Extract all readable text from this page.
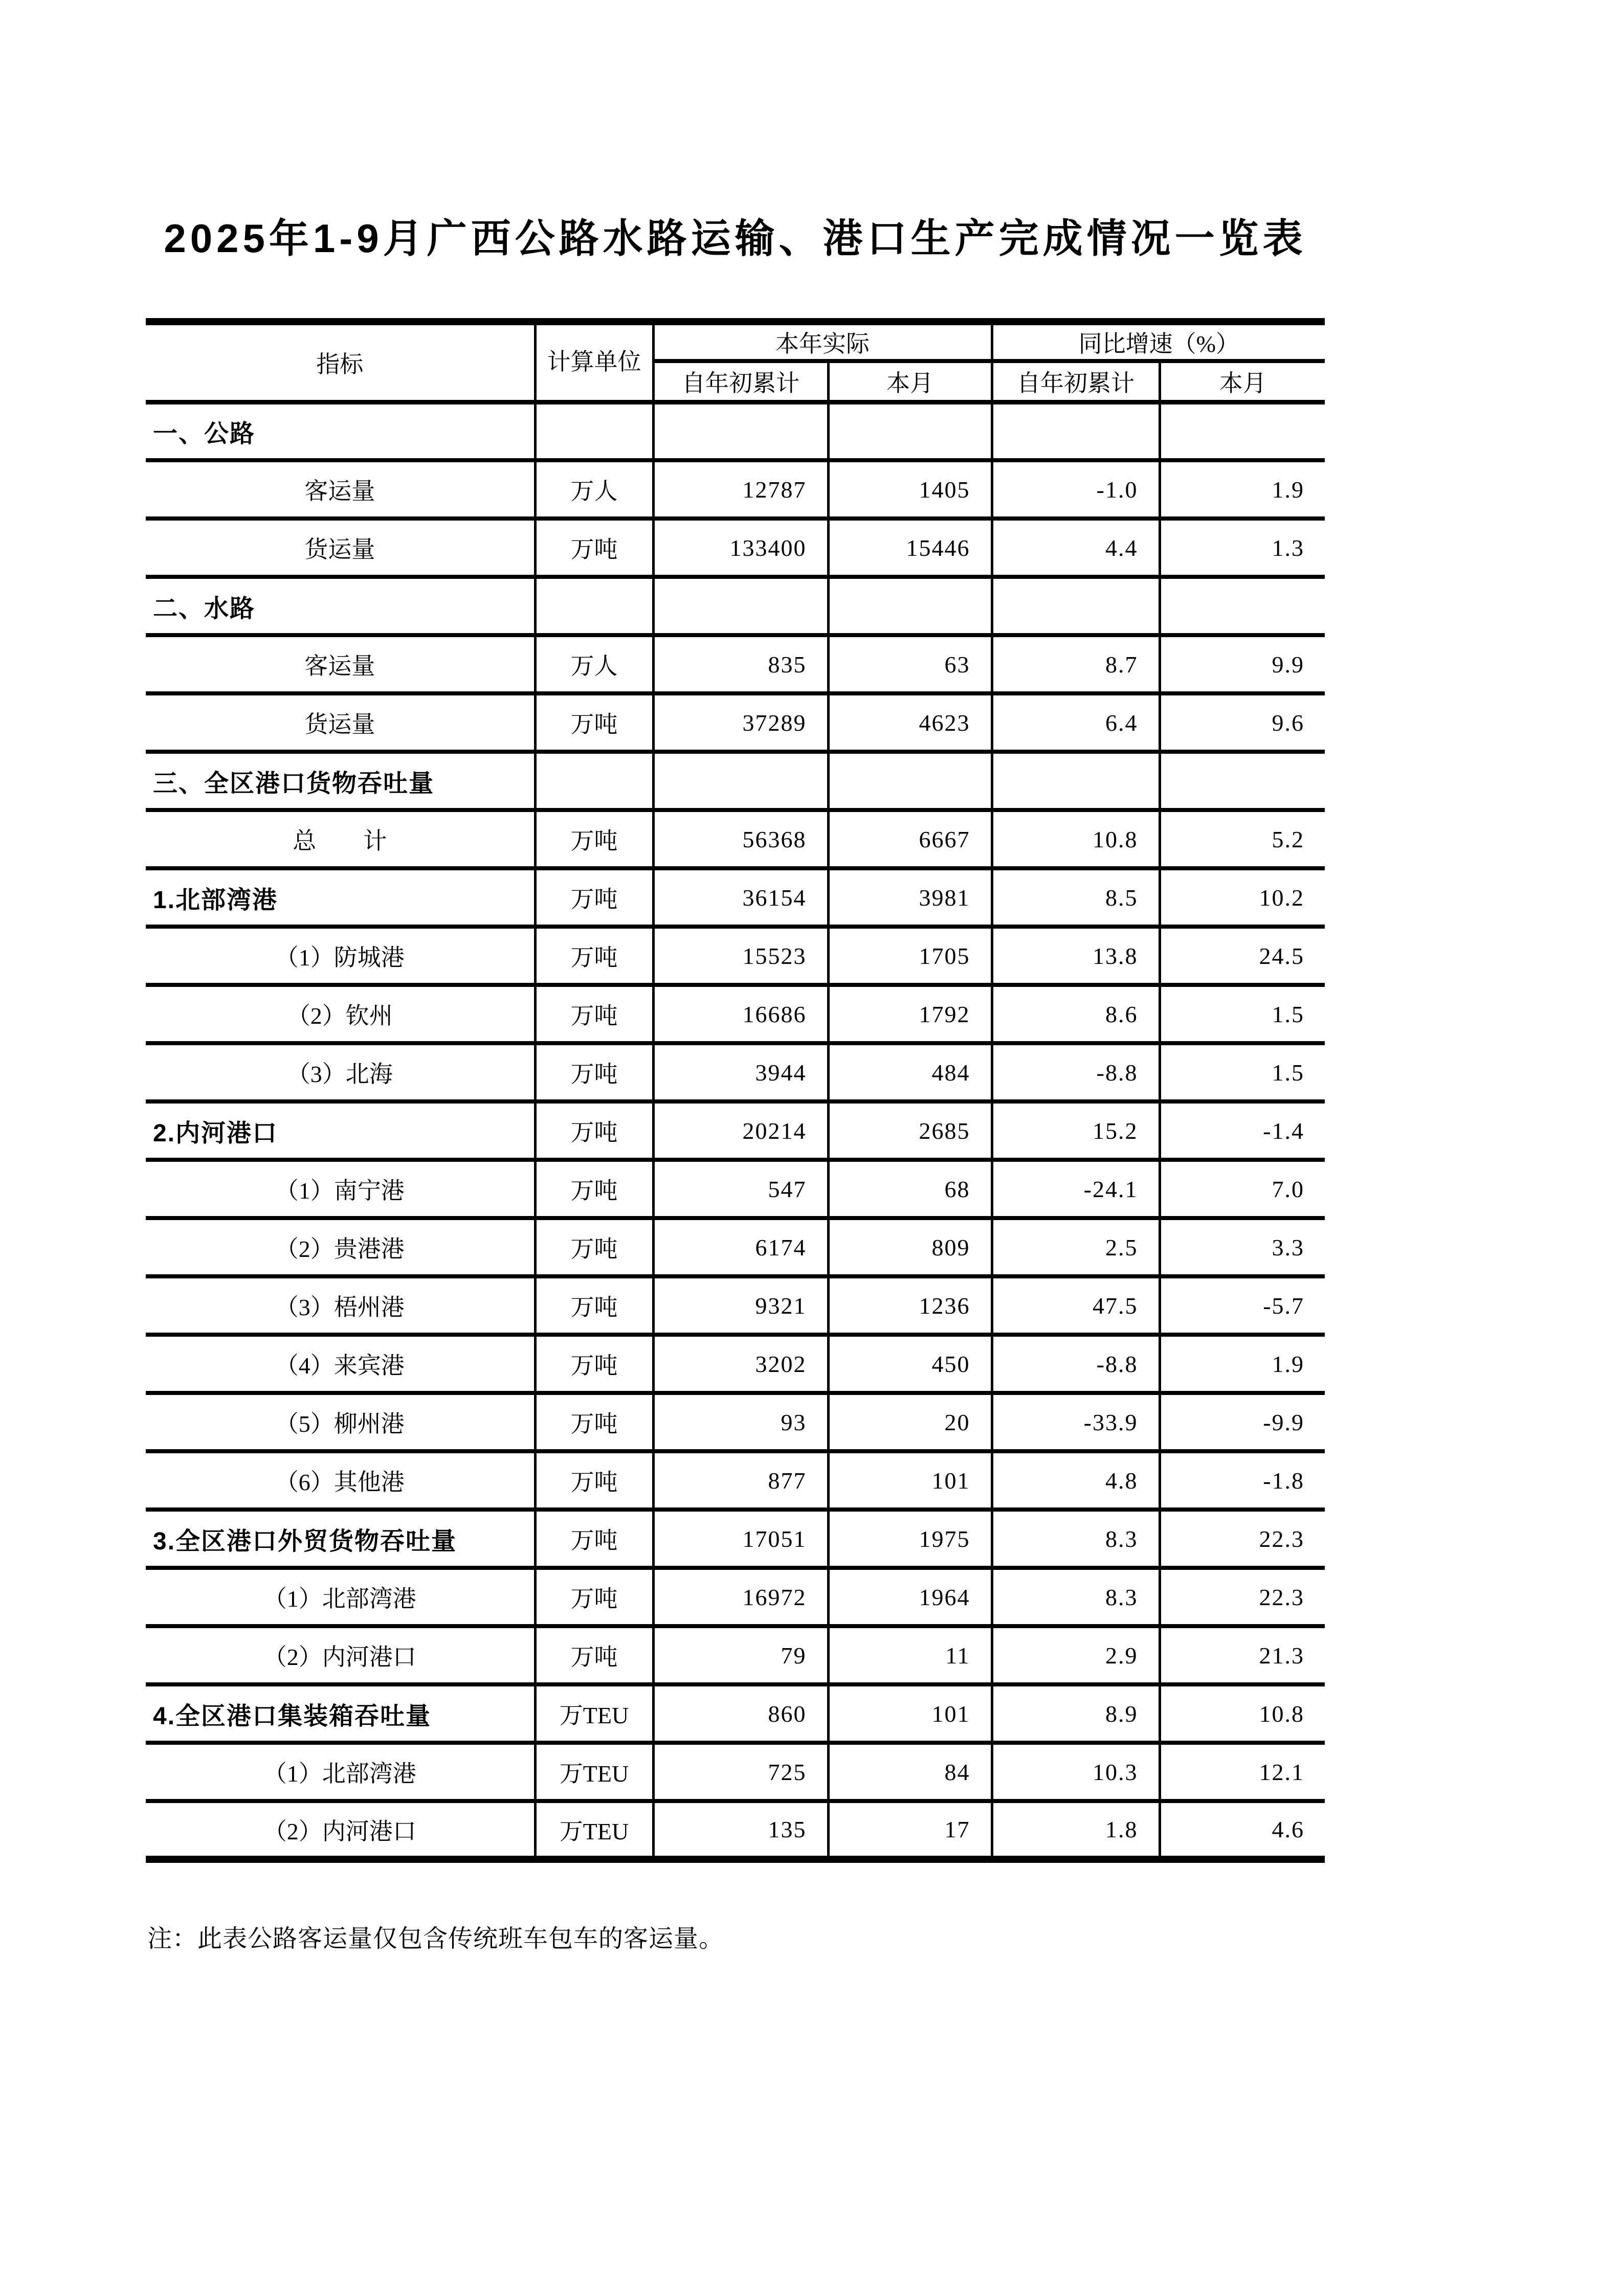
2025年1-9月广西公路水路运输、港口生产完成情况一览表
指标	计算单位	本年实际		同比增速（%）	
		自年初累计	本月	自年初累计	本月
一、公路					
客运量	万人	12787	1405	-1.0	1.9
货运量	万吨	133400	15446	4.4	1.3
二、水路					
客运量	万人	835	63	8.7	9.9
货运量	万吨	37289	4623	6.4	9.6
三、全区港口货物吞吐量					
总　　计	万吨	56368	6667	10.8	5.2
1.北部湾港	万吨	36154	3981	8.5	10.2
（1）防城港	万吨	15523	1705	13.8	24.5
（2）钦州	万吨	16686	1792	8.6	1.5
（3）北海	万吨	3944	484	-8.8	1.5
2.内河港口	万吨	20214	2685	15.2	-1.4
（1）南宁港	万吨	547	68	-24.1	7.0
（2）贵港港	万吨	6174	809	2.5	3.3
（3）梧州港	万吨	9321	1236	47.5	-5.7
（4）来宾港	万吨	3202	450	-8.8	1.9
（5）柳州港	万吨	93	20	-33.9	-9.9
（6）其他港	万吨	877	101	4.8	-1.8
3.全区港口外贸货物吞吐量	万吨	17051	1975	8.3	22.3
（1）北部湾港	万吨	16972	1964	8.3	22.3
（2）内河港口	万吨	79	11	2.9	21.3
4.全区港口集装箱吞吐量	万TEU	860	101	8.9	10.8
（1）北部湾港	万TEU	725	84	10.3	12.1
（2）内河港口	万TEU	135	17	1.8	4.6

注：此表公路客运量仅包含传统班车包车的客运量。
